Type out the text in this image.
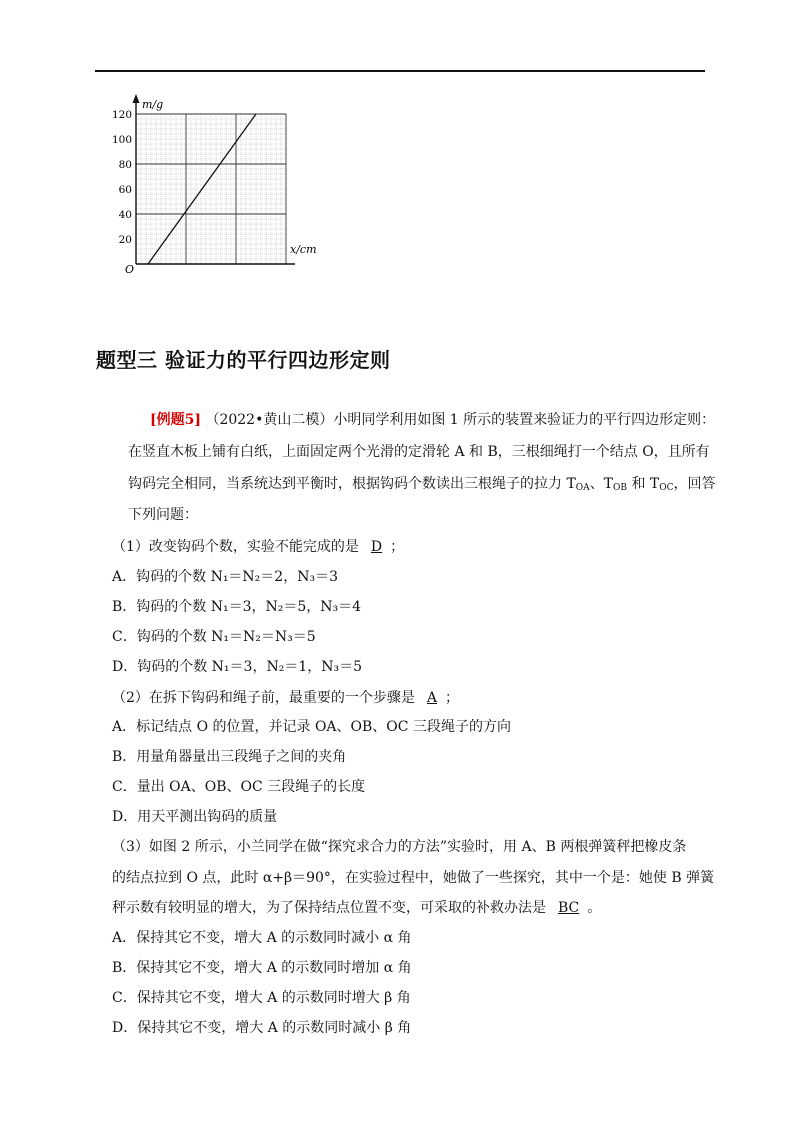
m/g
x/cm
O
120
100
80
60
40
20
题型三 验证力的平行四边形定则
[例题5] （2022•黄山二模）小明同学利用如图 1 所示的装置来验证力的平行四边形定则：
在竖直木板上铺有白纸，上面固定两个光滑的定滑轮 A 和 B，三根细绳打一个结点 O，且所有
钩码完全相同，当系统达到平衡时，根据钩码个数读出三根绳子的拉力 $T_{OA}$、$T_{OB}$ 和 $T_{OC}$，回答
下列问题：
（1）改变钩码个数，实验不能完成的是 D ；
A．钩码的个数 N₁＝N₂＝2，N₃＝3
B．钩码的个数 N₁＝3，N₂＝5，N₃＝4
C．钩码的个数 N₁＝N₂＝N₃＝5
D．钩码的个数 N₁＝3，N₂＝1，N₃＝5
（2）在拆下钩码和绳子前，最重要的一个步骤是 A ；
A．标记结点 O 的位置，并记录 OA、OB、OC 三段绳子的方向
B．用量角器量出三段绳子之间的夹角
C．量出 OA、OB、OC 三段绳子的长度
D．用天平测出钩码的质量
（3）如图 2 所示，小兰同学在做“探究求合力的方法”实验时，用 A、B 两根弹簧秤把橡皮条
的结点拉到 O 点，此时 α+β＝90°，在实验过程中，她做了一些探究，其中一个是：她使 B 弹簧
秤示数有较明显的增大，为了保持结点位置不变，可采取的补救办法是 BC 。
A．保持其它不变，增大 A 的示数同时减小 α 角
B．保持其它不变，增大 A 的示数同时增加 α 角
C．保持其它不变，增大 A 的示数同时增大 β 角
D．保持其它不变，增大 A 的示数同时减小 β 角
